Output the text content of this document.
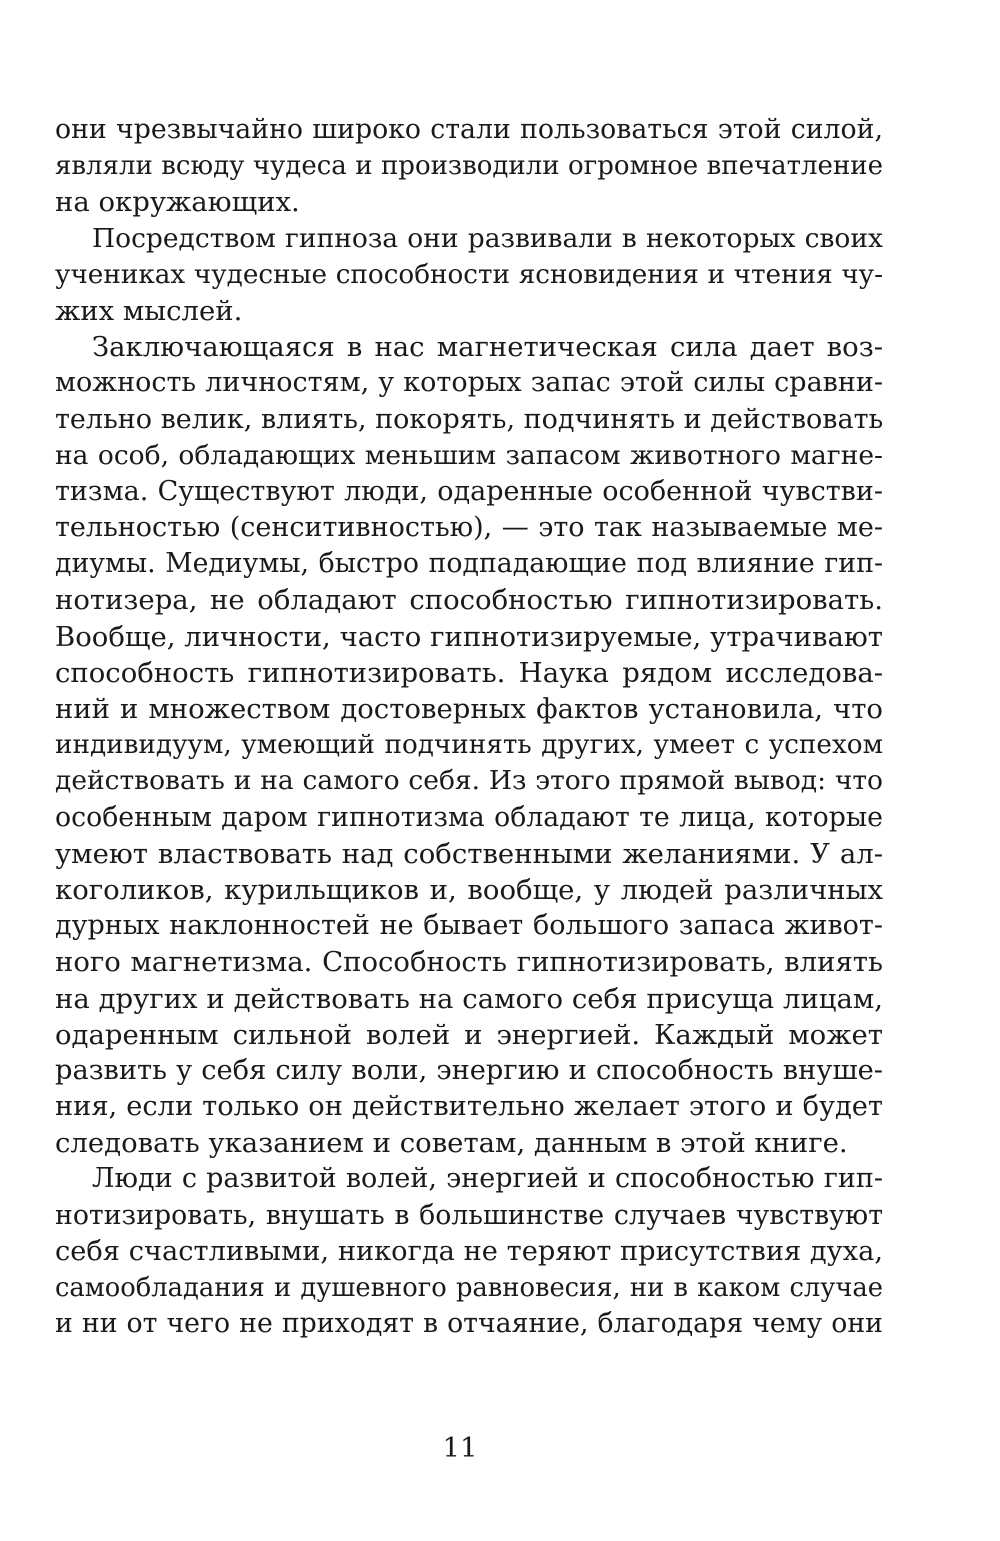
они чрезвычайно широко стали пользоваться этой силой,
являли всюду чудеса и производили огромное впечатление
на окружающих.
Посредством гипноза они развивали в некоторых своих
учениках чудесные способности ясновидения и чтения чу-
жих мыслей.
Заключающаяся в нас магнетическая сила дает воз-
можность личностям, у которых запас этой силы сравни-
тельно велик, влиять, покорять, подчинять и действовать
на особ, обладающих меньшим запасом животного магне-
тизма. Существуют люди, одаренные особенной чувстви-
тельностью (сенситивностью), — это так называемые ме-
диумы. Медиумы, быстро подпадающие под влияние гип-
нотизера, не обладают способностью гипнотизировать.
Вообще, личности, часто гипнотизируемые, утрачивают
способность гипнотизировать. Наука рядом исследова-
ний и множеством достоверных фактов установила, что
индивидуум, умеющий подчинять других, умеет с успехом
действовать и на самого себя. Из этого прямой вывод: что
особенным даром гипнотизма обладают те лица, которые
умеют властвовать над собственными желаниями. У ал-
коголиков, курильщиков и, вообще, у людей различных
дурных наклонностей не бывает большого запаса живот-
ного магнетизма. Способность гипнотизировать, влиять
на других и действовать на самого себя присуща лицам,
одаренным сильной волей и энергией. Каждый может
развить у себя силу воли, энергию и способность внуше-
ния, если только он действительно желает этого и будет
следовать указанием и советам, данным в этой книге.
Люди с развитой волей, энергией и способностью гип-
нотизировать, внушать в большинстве случаев чувствуют
себя счастливыми, никогда не теряют присутствия духа,
самообладания и душевного равновесия, ни в каком случае
и ни от чего не приходят в отчаяние, благодаря чему они
11
